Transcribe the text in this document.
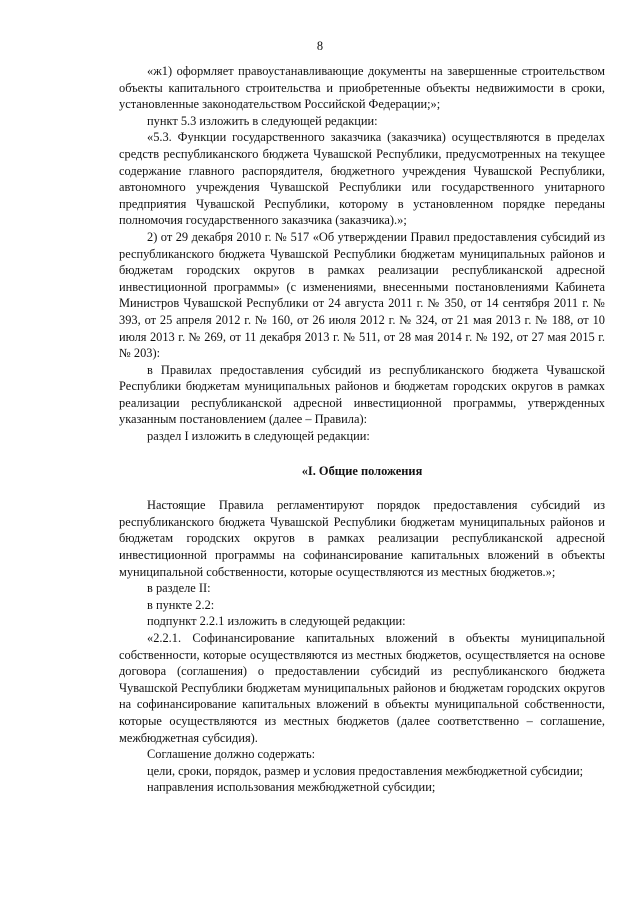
8

«ж1) оформляет правоустанавливающие документы на завершенные строительством объекты капитального строительства и приобретенные объекты недвижимости в сроки, установленные законодательством Российской Федерации;»;

пункт 5.3 изложить в следующей редакции:

«5.3. Функции государственного заказчика (заказчика) осуществляются в пределах средств республиканского бюджета Чувашской Республики, предусмотренных на текущее содержание главного распорядителя, бюджетного учреждения Чувашской Республики, автономного учреждения Чувашской Республики или государственного унитарного предприятия Чувашской Республики, которому в установленном порядке переданы полномочия государственного заказчика (заказчика).»;

2) от 29 декабря 2010 г. № 517 «Об утверждении Правил предоставления субсидий из республиканского бюджета Чувашской Республики бюджетам муниципальных районов и бюджетам городских округов в рамках реализации республиканской адресной инвестиционной программы» (с изменениями, внесенными постановлениями Кабинета Министров Чувашской Республики от 24 августа 2011 г. № 350, от 14 сентября 2011 г. № 393, от 25 апреля 2012 г. № 160, от 26 июля 2012 г. № 324, от 21 мая 2013 г. № 188, от 10 июля 2013 г. № 269, от 11 декабря 2013 г. № 511, от 28 мая 2014 г. № 192, от 27 мая 2015 г. № 203):

в Правилах предоставления субсидий из республиканского бюджета Чувашской Республики бюджетам муниципальных районов и бюджетам городских округов в рамках реализации республиканской адресной инвестиционной программы, утвержденных указанным постановлением (далее – Правила):

раздел I изложить в следующей редакции:

«I. Общие положения

Настоящие Правила регламентируют порядок предоставления субсидий из республиканского бюджета Чувашской Республики бюджетам муниципальных районов и бюджетам городских округов в рамках реализации республиканской адресной инвестиционной программы на софинансирование капитальных вложений в объекты муниципальной собственности, которые осуществляются из местных бюджетов.»;

в разделе II:

в пункте 2.2:

подпункт 2.2.1 изложить в следующей редакции:

«2.2.1. Софинансирование капитальных вложений в объекты муниципальной собственности, которые осуществляются из местных бюджетов, осуществляется на основе договора (соглашения) о предоставлении субсидий из республиканского бюджета Чувашской Республики бюджетам муниципальных районов и бюджетам городских округов на софинансирование капитальных вложений в объекты муниципальной собственности, которые осуществляются из местных бюджетов (далее соответственно – соглашение, межбюджетная субсидия).

Соглашение должно содержать:

цели, сроки, порядок, размер и условия предоставления межбюджетной субсидии;

направления использования межбюджетной субсидии;
